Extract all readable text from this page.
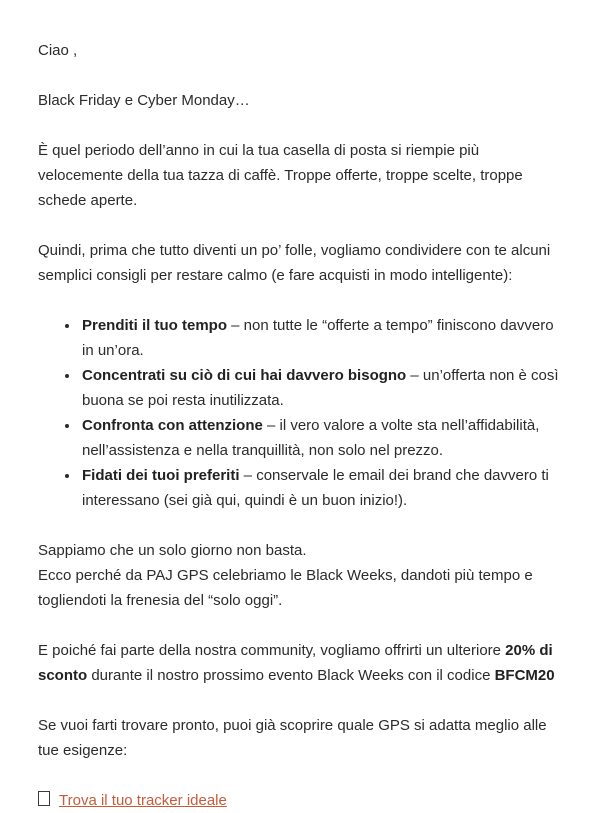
Ciao ,

Black Friday e Cyber Monday…

È quel periodo dell’anno in cui la tua casella di posta si riempie più velocemente della tua tazza di caffè. Troppe offerte, troppe scelte, troppe schede aperte.

Quindi, prima che tutto diventi un po’ folle, vogliamo condividere con te alcuni semplici consigli per restare calmo (e fare acquisti in modo intelligente):

• Prenditi il tuo tempo – non tutte le “offerte a tempo” finiscono davvero in un’ora.
• Concentrati su ciò di cui hai davvero bisogno – un’offerta non è così buona se poi resta inutilizzata.
• Confronta con attenzione – il vero valore a volte sta nell’affidabilità, nell’assistenza e nella tranquillità, non solo nel prezzo.
• Fidati dei tuoi preferiti – conservale le email dei brand che davvero ti interessano (sei già qui, quindi è un buon inizio!).

Sappiamo che un solo giorno non basta.
Ecco perché da PAJ GPS celebriamo le Black Weeks, dandoti più tempo e togliendoti la frenesia del “solo oggi”.

E poiché fai parte della nostra community, vogliamo offrirti un ulteriore 20% di sconto durante il nostro prossimo evento Black Weeks con il codice BFCM20

Se vuoi farti trovare pronto, puoi già scoprire quale GPS si adatta meglio alle tue esigenze:

Trova il tuo tracker ideale
